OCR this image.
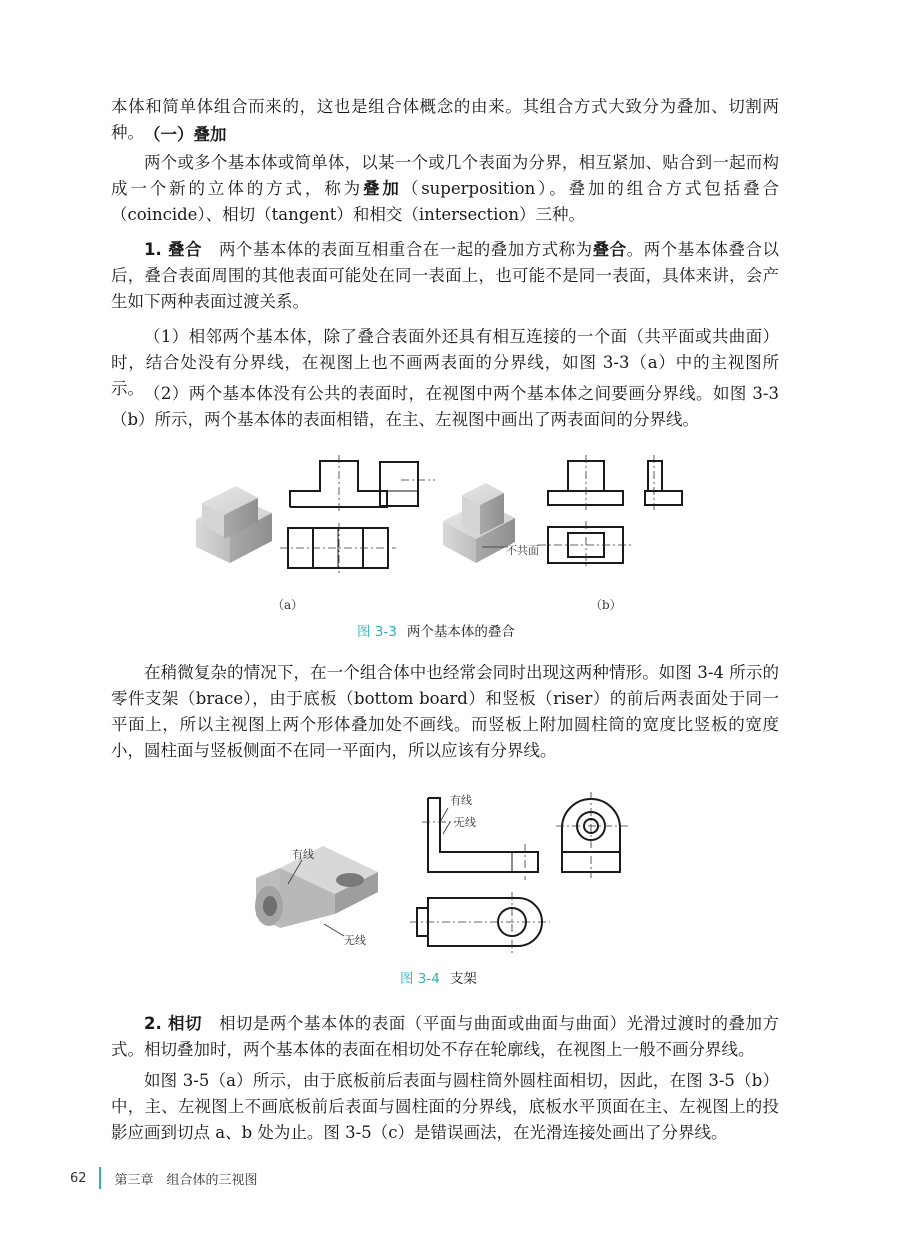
本体和简单体组合而来的，这也是组合体概念的由来。其组合方式大致分为叠加、切割两种。 （一）叠加

两个或多个基本体或简单体，以某一个或几个表面为分界，相互紧加、贴合到一起而构成一个新的立体的方式，称为叠加（superposition）。叠加的组合方式包括叠合（coincide）、相切（tangent）和相交（intersection）三种。

1. 叠合　两个基本体的表面互相重合在一起的叠加方式称为叠合。两个基本体叠合以后，叠合表面周围的其他表面可能处在同一表面上，也可能不是同一表面，具体来讲，会产生如下两种表面过渡关系。

（1）相邻两个基本体，除了叠合表面外还具有相互连接的一个面（共平面或共曲面）时，结合处没有分界线，在视图上也不画两表面的分界线，如图 3-3（a）中的主视图所示。 （2）两个基本体没有公共的表面时，在视图中两个基本体之间要画分界线。如图 3-3（b）所示，两个基本体的表面相错，在主、左视图中画出了两表面间的分界线。

不共面
（a）	（b）
图 3-3 两个基本体的叠合

在稍微复杂的情况下，在一个组合体中也经常会同时出现这两种情形。如图 3-4 所示的零件支架（brace），由于底板（bottom board）和竖板（riser）的前后两表面处于同一平面上，所以主视图上两个形体叠加处不画线。而竖板上附加圆柱筒的宽度比竖板的宽度小，圆柱面与竖板侧面不在同一平面内，所以应该有分界线。

有线
无线
有线
无线
图 3-4 支架

2. 相切　相切是两个基本体的表面（平面与曲面或曲面与曲面）光滑过渡时的叠加方式。相切叠加时，两个基本体的表面在相切处不存在轮廓线，在视图上一般不画分界线。

如图 3-5（a）所示，由于底板前后表面与圆柱筒外圆柱面相切，因此，在图 3-5（b）中，主、左视图上不画底板前后表面与圆柱面的分界线，底板水平顶面在主、左视图上的投影应画到切点 a、b 处为止。图 3-5（c）是错误画法，在光滑连接处画出了分界线。

62 第三章　组合体的三视图
